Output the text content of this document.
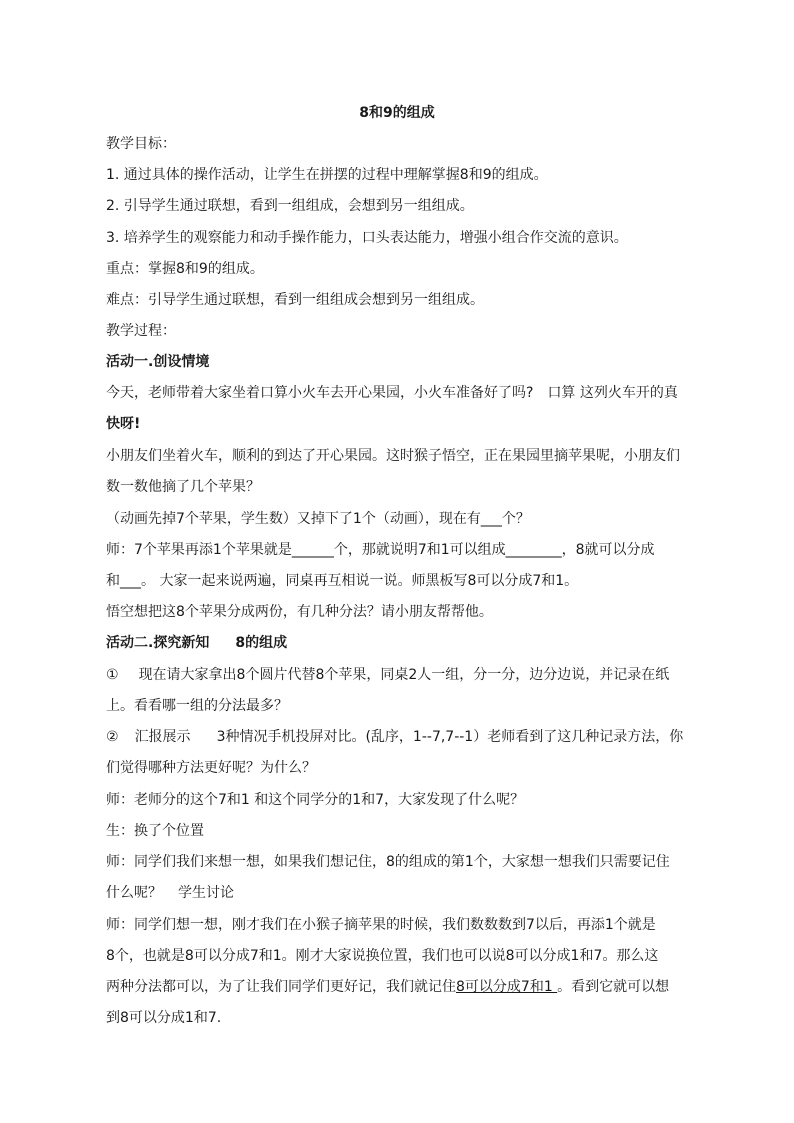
8和9的组成
教学目标：
1. 通过具体的操作活动，让学生在拼摆的过程中理解掌握8和9的组成。
2. 引导学生通过联想，看到一组组成，会想到另一组组成。
3. 培养学生的观察能力和动手操作能力，口头表达能力，增强小组合作交流的意识。
重点：掌握8和9的组成。
难点：引导学生通过联想，看到一组组成会想到另一组组成。
教学过程：
活动一.创设情境
今天，老师带着大家坐着口算小火车去开心果园，小火车准备好了吗? 口算 这列火车开的真
快呀!
小朋友们坐着火车，顺利的到达了开心果园。这时猴子悟空，正在果园里摘苹果呢，小朋友们
数一数他摘了几个苹果？
（动画先掉7个苹果，学生数）又掉下了1个（动画），现在有___个？
师：7个苹果再添1个苹果就是______个，那就说明7和1可以组成________，8就可以分成
和___。 大家一起来说两遍，同桌再互相说一说。师黑板写8可以分成7和1。
悟空想把这8个苹果分成两份，有几种分法？请小朋友帮帮他。
活动二.探究新知 8的组成
① 现在请大家拿出8个圆片代替8个苹果，同桌2人一组，分一分，边分边说，并记录在纸
上。看看哪一组的分法最多？
② 汇报展示 3种情况手机投屏对比。(乱序，1--7,7--1）老师看到了这几种记录方法，你
们觉得哪种方法更好呢？为什么？
师：老师分的这个7和1 和这个同学分的1和7，大家发现了什么呢？
生：换了个位置
师：同学们我们来想一想，如果我们想记住，8的组成的第1个，大家想一想我们只需要记住
什么呢？ 学生讨论
师：同学们想一想，刚才我们在小猴子摘苹果的时候，我们数数数到7以后，再添1个就是
8个，也就是8可以分成7和1。刚才大家说换位置，我们也可以说8可以分成1和7。那么这
两种分法都可以，为了让我们同学们更好记，我们就记住8可以分成7和1 。看到它就可以想
到8可以分成1和7.
